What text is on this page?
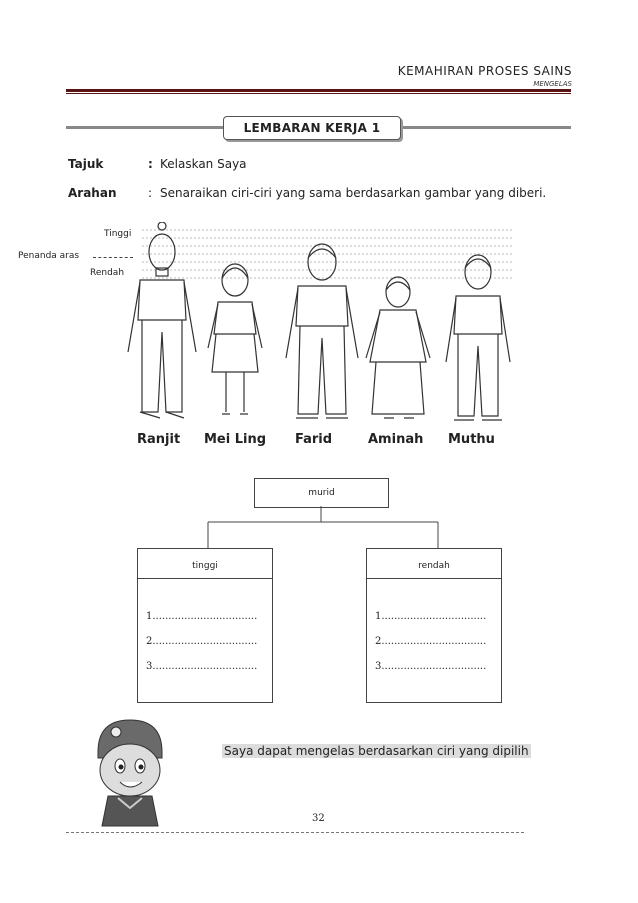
KEMAHIRAN PROSES SAINS
MENGELAS
LEMBARAN KERJA 1
Tajuk	: Kelaskan Saya
Arahan	: Senaraikan ciri-ciri yang sama berdasarkan gambar yang diberi.
Tinggi
Penanda aras
Rendah
Ranjit Mei Ling Farid	Aminah Muthu
murid
tinggi
1.................................
2.................................
3.................................
rendah
1.................................
2.................................
3.................................
Saya dapat mengelas berdasarkan ciri yang dipilih
32
